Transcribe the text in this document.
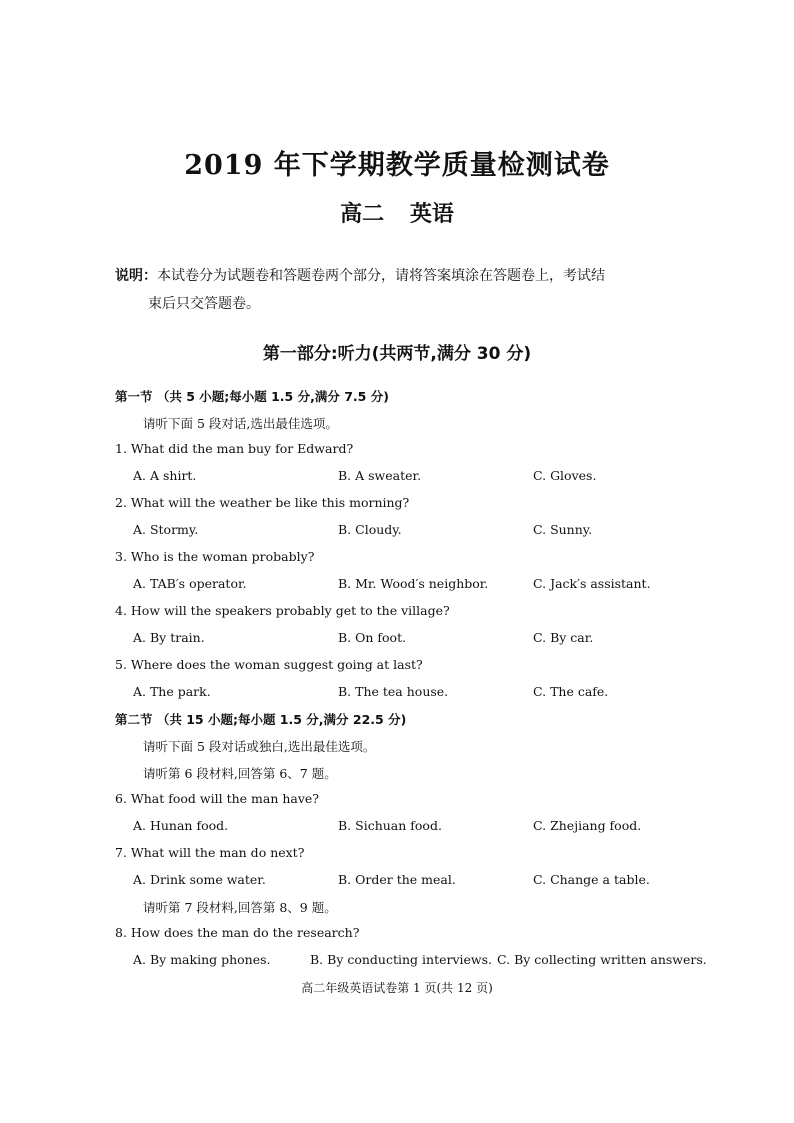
2019 年下学期教学质量检测试卷
高二 英语
说明：本试卷分为试题卷和答题卷两个部分，请将答案填涂在答题卷上，考试结
束后只交答题卷。
第一部分:听力(共两节,满分 30 分)
第一节 （共 5 小题;每小题 1.5 分,满分 7.5 分)
请听下面 5 段对话,选出最佳选项。
1. What did the man buy for Edward?
A. A shirt.	B. A sweater.	C. Gloves.
2. What will the weather be like this morning?
A. Stormy.	B. Cloudy.	C. Sunny.
3. Who is the woman probably?
A. TAB′s operator.	B. Mr. Wood′s neighbor.	C. Jack′s assistant.
4. How will the speakers probably get to the village?
A. By train.	B. On foot.	C. By car.
5. Where does the woman suggest going at last?
A. The park.	B. The tea house.	C. The cafe.
第二节 （共 15 小题;每小题 1.5 分,满分 22.5 分)
请听下面 5 段对话或独白,选出最佳选项。
请听第 6 段材料,回答第 6、7 题。
6. What food will the man have?
A. Hunan food.	B. Sichuan food.	C. Zhejiang food.
7. What will the man do next?
A. Drink some water.	B. Order the meal.	C. Change a table.
请听第 7 段材料,回答第 8、9 题。
8. How does the man do the research?
A. By making phones.	B. By conducting interviews. C. By collecting written answers.
高二年级英语试卷第 1 页(共 12 页)
